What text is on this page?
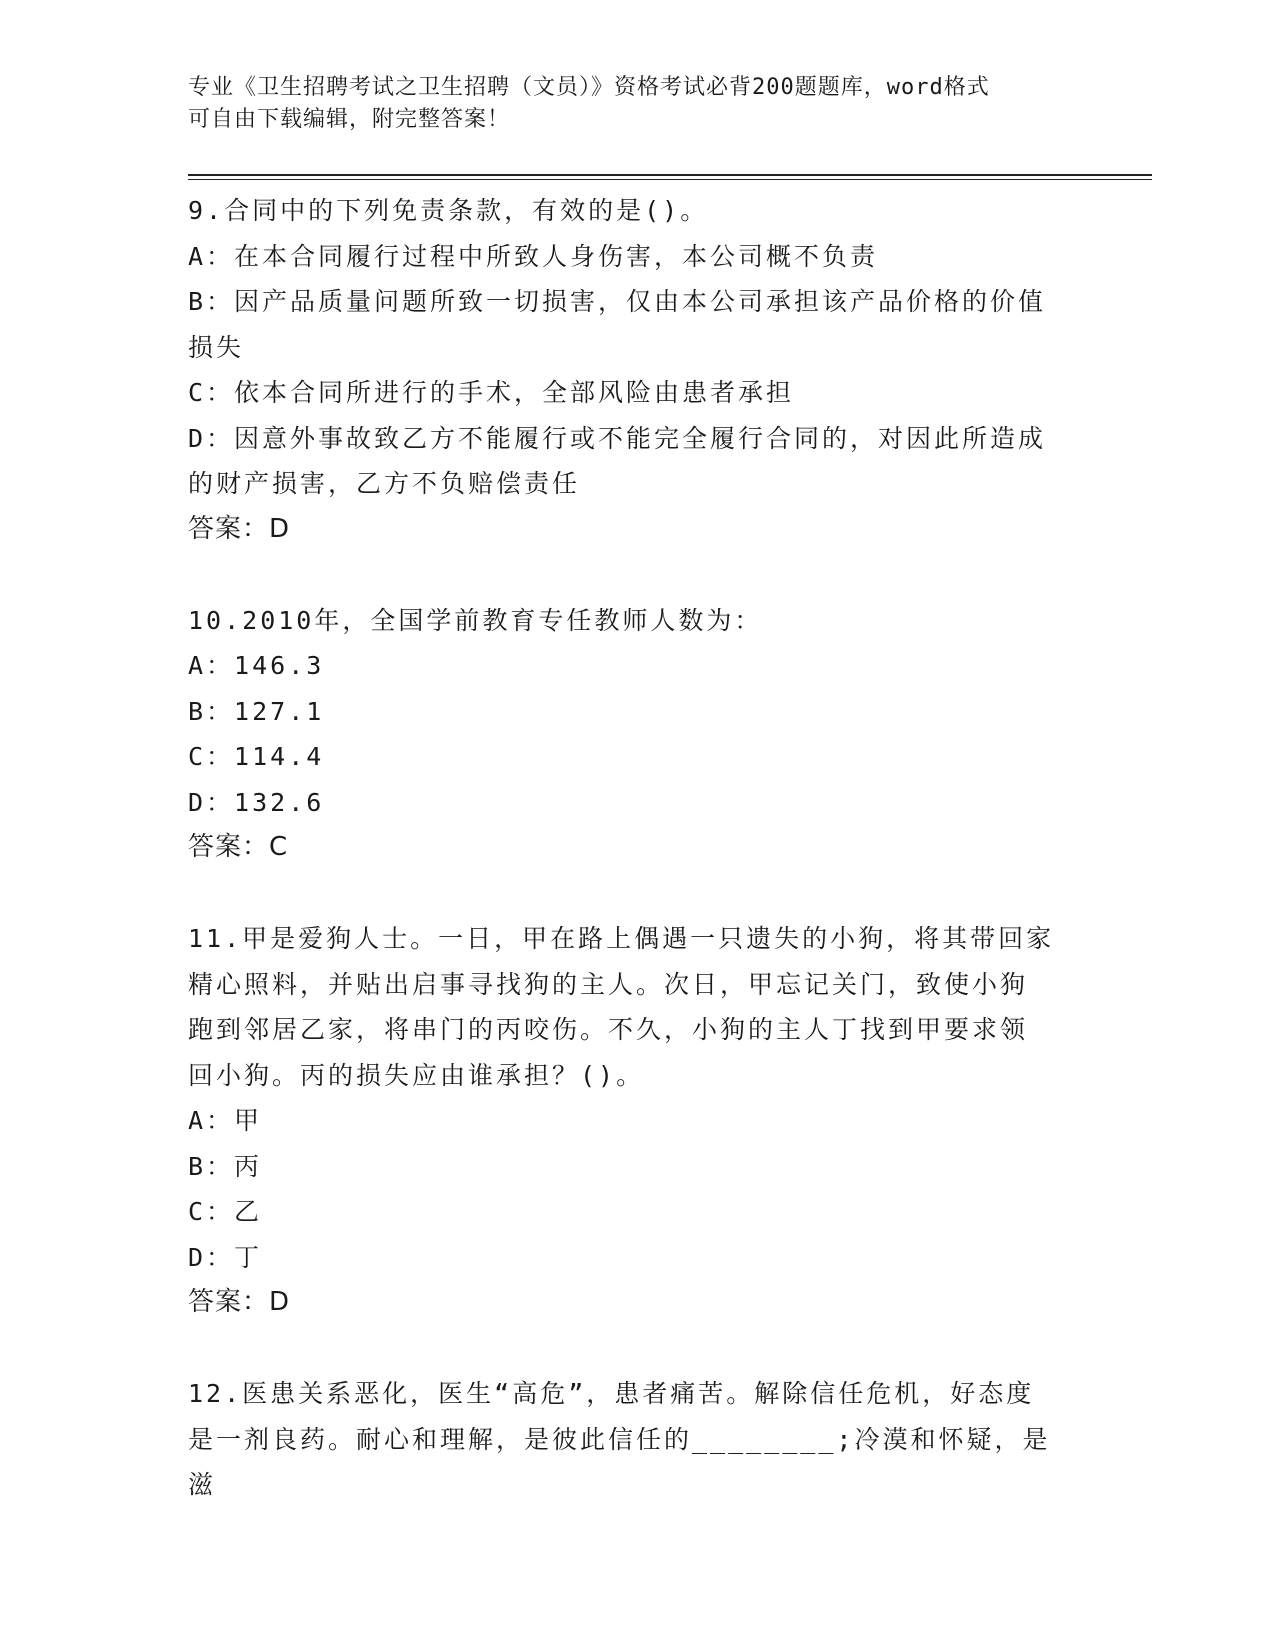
专业《卫生招聘考试之卫生招聘（文员）》资格考试必背200题题库，word格式
可自由下载编辑，附完整答案！

9.合同中的下列免责条款，有效的是()。

A：在本合同履行过程中所致人身伤害，本公司概不负责

B：因产品质量问题所致一切损害，仅由本公司承担该产品价格的价值

损失

C：依本合同所进行的手术，全部风险由患者承担

D：因意外事故致乙方不能履行或不能完全履行合同的，对因此所造成

的财产损害，乙方不负赔偿责任

答案：D

10.2010年，全国学前教育专任教师人数为：

A：146.3

B：127.1

C：114.4

D：132.6

答案：C

11.甲是爱狗人士。一日，甲在路上偶遇一只遗失的小狗，将其带回家

精心照料，并贴出启事寻找狗的主人。次日，甲忘记关门，致使小狗

跑到邻居乙家，将串门的丙咬伤。不久，小狗的主人丁找到甲要求领

回小狗。丙的损失应由谁承担？()。

A：甲

B：丙

C：乙

D：丁

答案：D

12.医患关系恶化，医生“高危”，患者痛苦。解除信任危机，好态度

是一剂良药。耐心和理解，是彼此信任的________;冷漠和怀疑，是滋
